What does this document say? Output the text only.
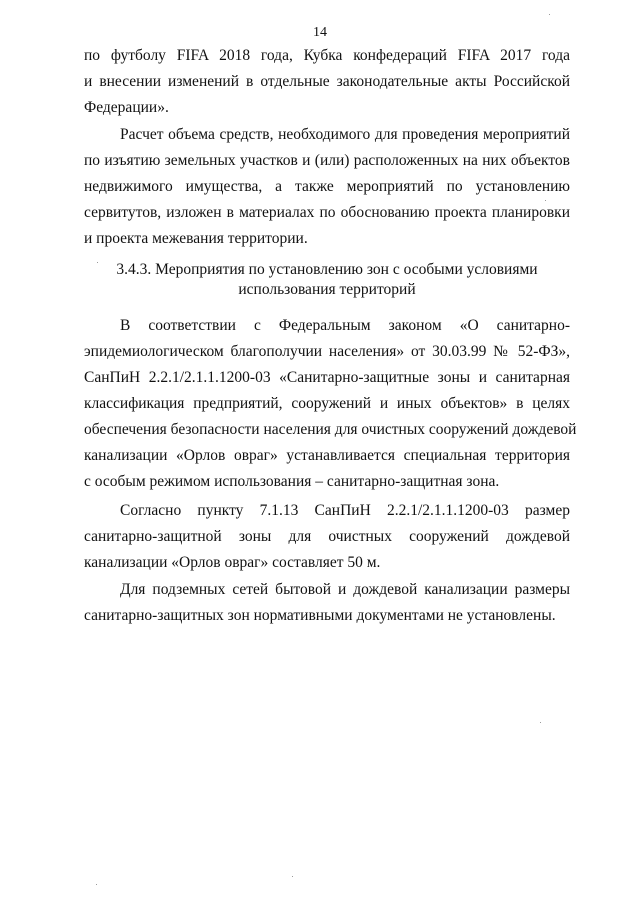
14
по футболу FIFA 2018 года, Кубка конфедераций FIFA 2017 года
и внесении изменений в отдельные законодательные акты Российской
Федерации».
Расчет объема средств, необходимого для проведения мероприятий
по изъятию земельных участков и (или) расположенных на них объектов
недвижимого имущества, а также мероприятий по установлению
сервитутов, изложен в материалах по обоснованию проекта планировки
и проекта межевания территории.
3.4.3. Мероприятия по установлению зон с особыми условиями
использования территорий
В соответствии с Федеральным законом «О санитарно-
эпидемиологическом благополучии населения» от 30.03.99 № 52-ФЗ»,
СанПиН 2.2.1/2.1.1.1200-03 «Санитарно-защитные зоны и санитарная
классификация предприятий, сооружений и иных объектов» в целях
обеспечения безопасности населения для очистных сооружений дождевой
канализации «Орлов овраг» устанавливается специальная территория
с особым режимом использования – санитарно-защитная зона.
Согласно пункту 7.1.13 СанПиН 2.2.1/2.1.1.1200-03 размер
санитарно-защитной зоны для очистных сооружений дождевой
канализации «Орлов овраг» составляет 50 м.
Для подземных сетей бытовой и дождевой канализации размеры
санитарно-защитных зон нормативными документами не установлены.
